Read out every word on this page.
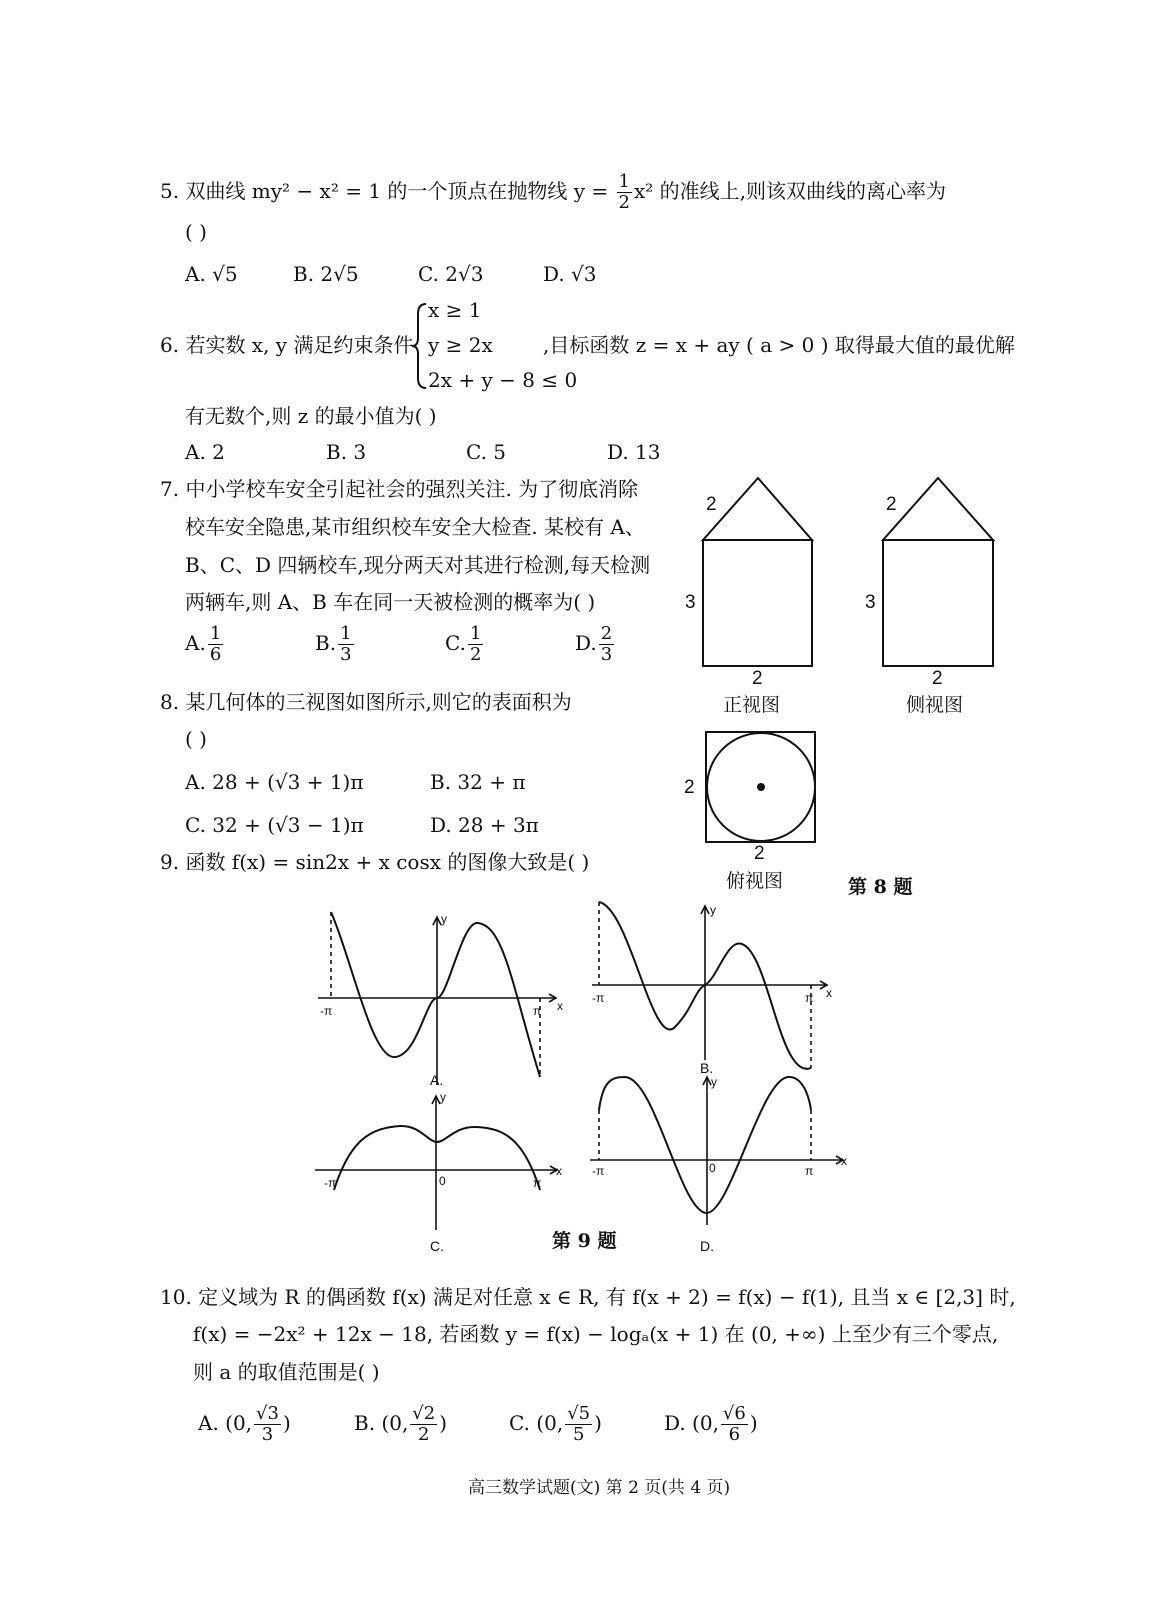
5. 双曲线 my² − x² = 1 的一个顶点在抛物线 $y = \frac{1}{2} x^2$ 的准线上,则该双曲线的离心率为
( )
A. √5	B. 2√5	C. 2√3	D. √3
6. 若实数 x, y 满足约束条件
x ≥ 1
y ≥ 2x
2x + y − 8 ≤ 0
,目标函数 z = x + ay ( a > 0 ) 取得最大值的最优解
有无数个,则 z 的最小值为( )
A. 2	B. 3	C. 5	D. 13
7. 中小学校车安全引起社会的强烈关注. 为了彻底消除
校车安全隐患,某市组织校车安全大检查. 某校有 A、
B、C、D 四辆校车,现分两天对其进行检测,每天检测
两辆车,则 A、B 车在同一天被检测的概率为( )
A. $\frac{1}{6}$	B. $\frac{1}{3}$	C. $\frac{1}{2}$	D. $\frac{2}{3}$
8. 某几何体的三视图如图所示,则它的表面积为
( )
A. 28 + (√3 + 1)π	B. 32 + π
C. 32 + (√3 − 1)π	D. 28 + 3π
2
3
2
正视图
2
3
2
侧视图
2
2
俯视图	第 8 题
9. 函数 f(x) = sin2x + x cosx 的图像大致是( )
-π	π x
y
A.
-π	π x
y
B.
-π	π
x
y
0
C.
-π	π
x
y
0
D.
第 9 题
10. 定义域为 R 的偶函数 f(x) 满足对任意 x ∈ R, 有 f(x + 2) = f(x) − f(1), 且当 x ∈ [2,3] 时,
f(x) = −2x² + 12x − 18, 若函数 y = f(x) − logₐ(x + 1) 在 (0, +∞) 上至少有三个零点,
则 a 的取值范围是( )
A. (0, $\frac{√3}{3}$ )	B. (0, $\frac{√2}{2}$ )	C. (0, $\frac{√5}{5}$ )	D. (0, $\frac{√6}{6}$ )
高三数学试题(文) 第 2 页(共 4 页)
